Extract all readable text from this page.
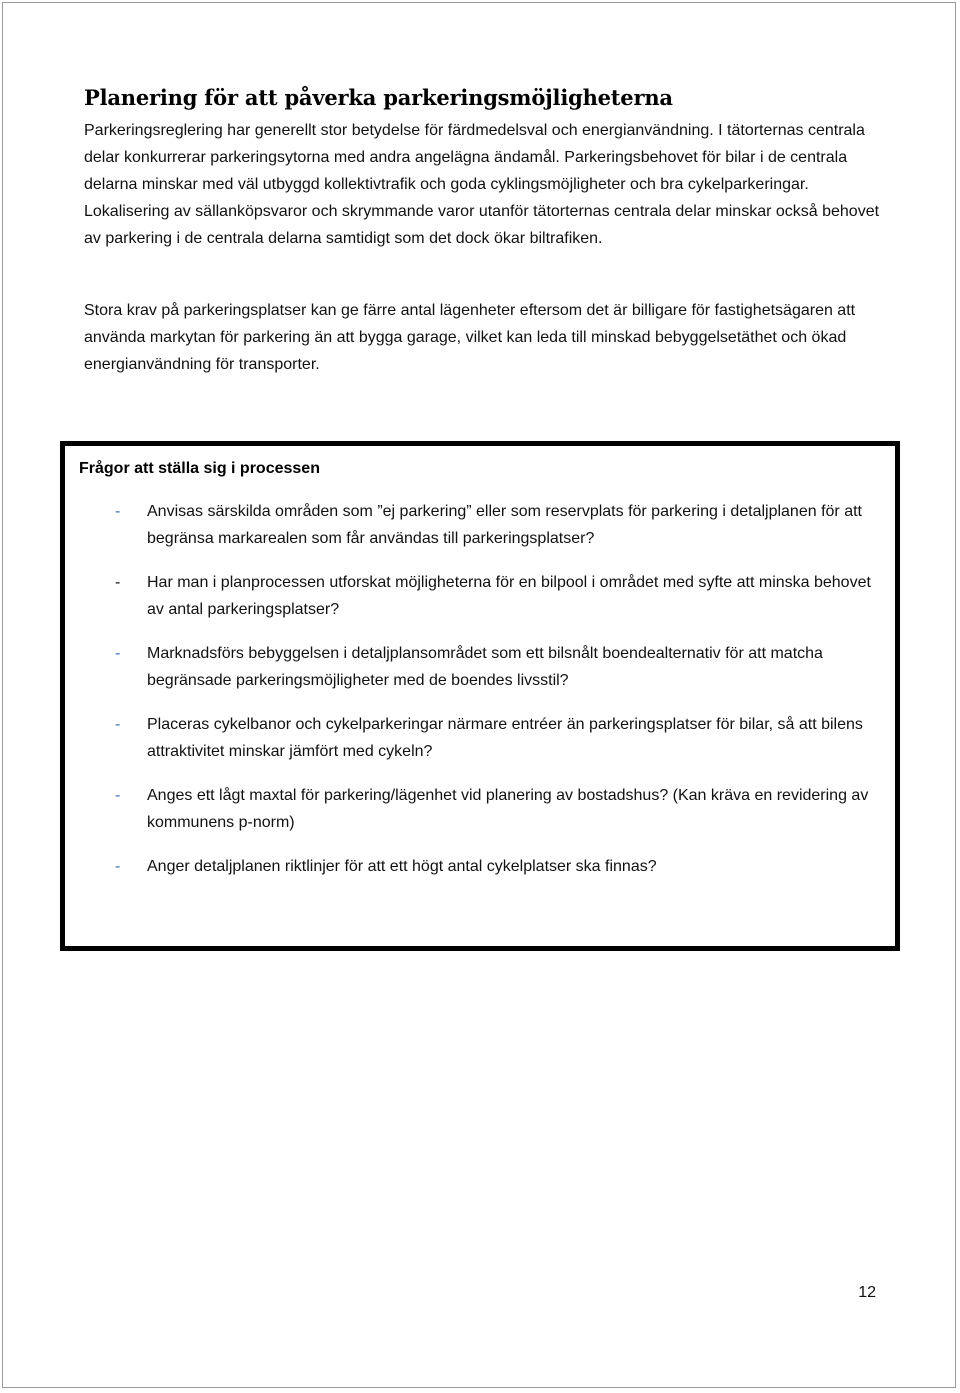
Planering för att påverka parkeringsmöjligheterna

Parkeringsreglering har generellt stor betydelse för färdmedelsval och energianvändning. I tätorternas centrala delar konkurrerar parkeringsytorna med andra angelägna ändamål. Parkeringsbehovet för bilar i de centrala delarna minskar med väl utbyggd kollektivtrafik och goda cyklingsmöjligheter och bra cykelparkeringar. Lokalisering av sällanköpsvaror och skrymmande varor utanför tätorternas centrala delar minskar också behovet av parkering i de centrala delarna samtidigt som det dock ökar biltrafiken.

Stora krav på parkeringsplatser kan ge färre antal lägenheter eftersom det är billigare för fastighetsägaren att använda markytan för parkering än att bygga garage, vilket kan leda till minskad bebyggelsetäthet och ökad energianvändning för transporter.

Frågor att ställa sig i processen
-	Anvisas särskilda områden som ”ej parkering” eller som reservplats för parkering i detaljplanen för att begränsa markarealen som får användas till parkeringsplatser?
-	Har man i planprocessen utforskat möjligheterna för en bilpool i området med syfte att minska behovet av antal parkeringsplatser?
-	Marknadsförs bebyggelsen i detaljplansområdet som ett bilsnålt boendealternativ för att matcha begränsade parkeringsmöjligheter med de boendes livsstil?
-	Placeras cykelbanor och cykelparkeringar närmare entréer än parkeringsplatser för bilar, så att bilens attraktivitet minskar jämfört med cykeln?
-	Anges ett lågt maxtal för parkering/lägenhet vid planering av bostadshus? (Kan kräva en revidering av kommunens p-norm)
-	Anger detaljplanen riktlinjer för att ett högt antal cykelplatser ska finnas?
12
